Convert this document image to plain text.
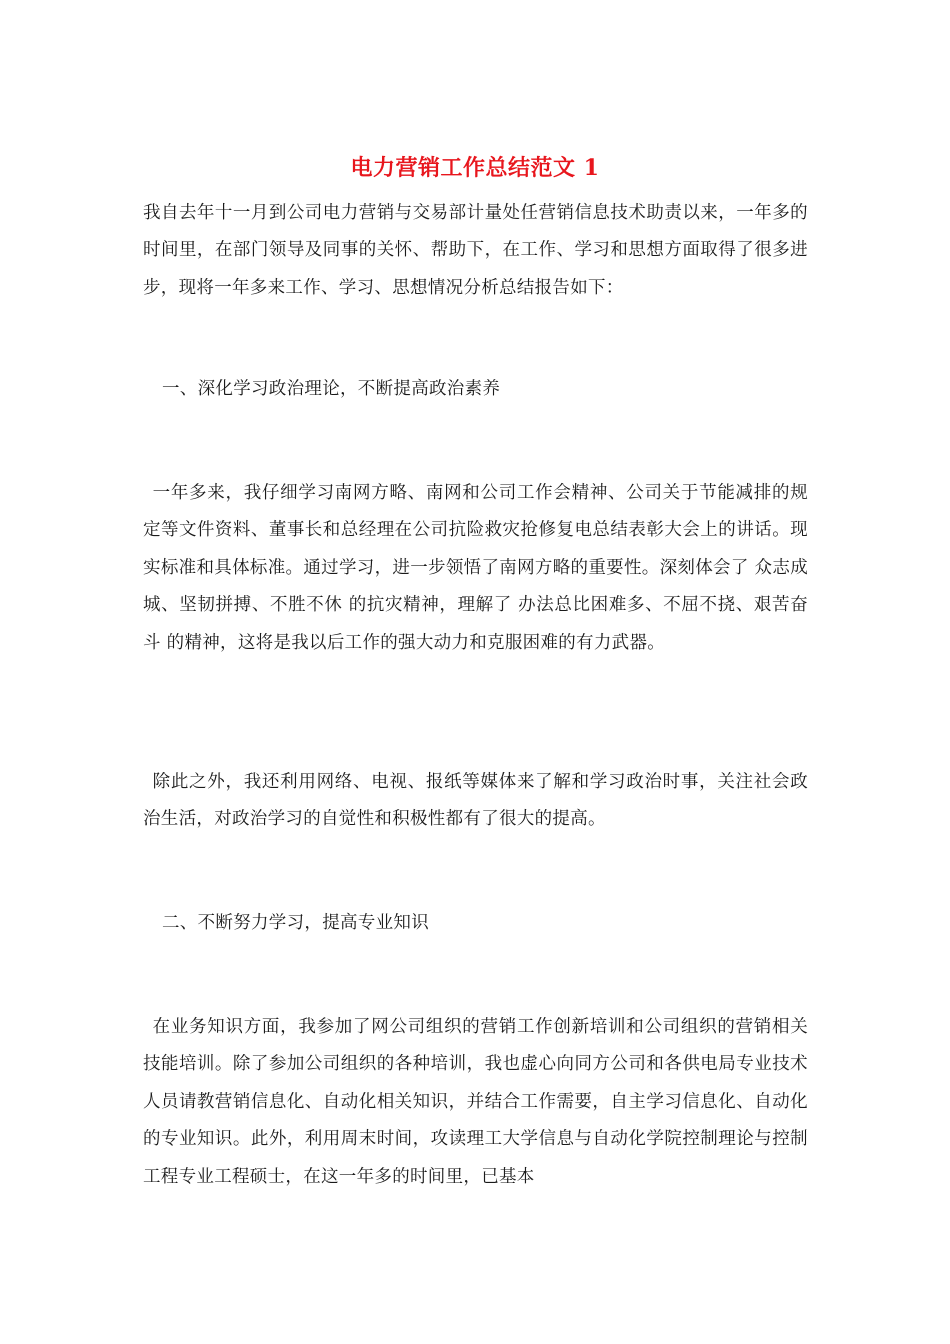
电力营销工作总结范文 1
我自去年十一月到公司电力营销与交易部计量处任营销信息技术助责以来，一年多的时间里，在部门领导及同事的关怀、帮助下，在工作、学习和思想方面取得了很多进步，现将一年多来工作、学习、思想情况分析总结报告如下：
一、深化学习政治理论，不断提高政治素养
一年多来，我仔细学习南网方略、南网和公司工作会精神、公司关于节能减排的规定等文件资料、董事长和总经理在公司抗险救灾抢修复电总结表彰大会上的讲话。现实标准和具体标准。通过学习，进一步领悟了南网方略的重要性。深刻体会了 众志成城、坚韧拼搏、不胜不休 的抗灾精神，理解了 办法总比困难多、不屈不挠、艰苦奋斗 的精神，这将是我以后工作的强大动力和克服困难的有力武器。
除此之外，我还利用网络、电视、报纸等媒体来了解和学习政治时事，关注社会政治生活，对政治学习的自觉性和积极性都有了很大的提高。
二、不断努力学习，提高专业知识
在业务知识方面，我参加了网公司组织的营销工作创新培训和公司组织的营销相关技能培训。除了参加公司组织的各种培训，我也虚心向同方公司和各供电局专业技术人员请教营销信息化、自动化相关知识，并结合工作需要，自主学习信息化、自动化的专业知识。此外，利用周末时间，攻读理工大学信息与自动化学院控制理论与控制工程专业工程硕士，在这一年多的时间里，已基本
